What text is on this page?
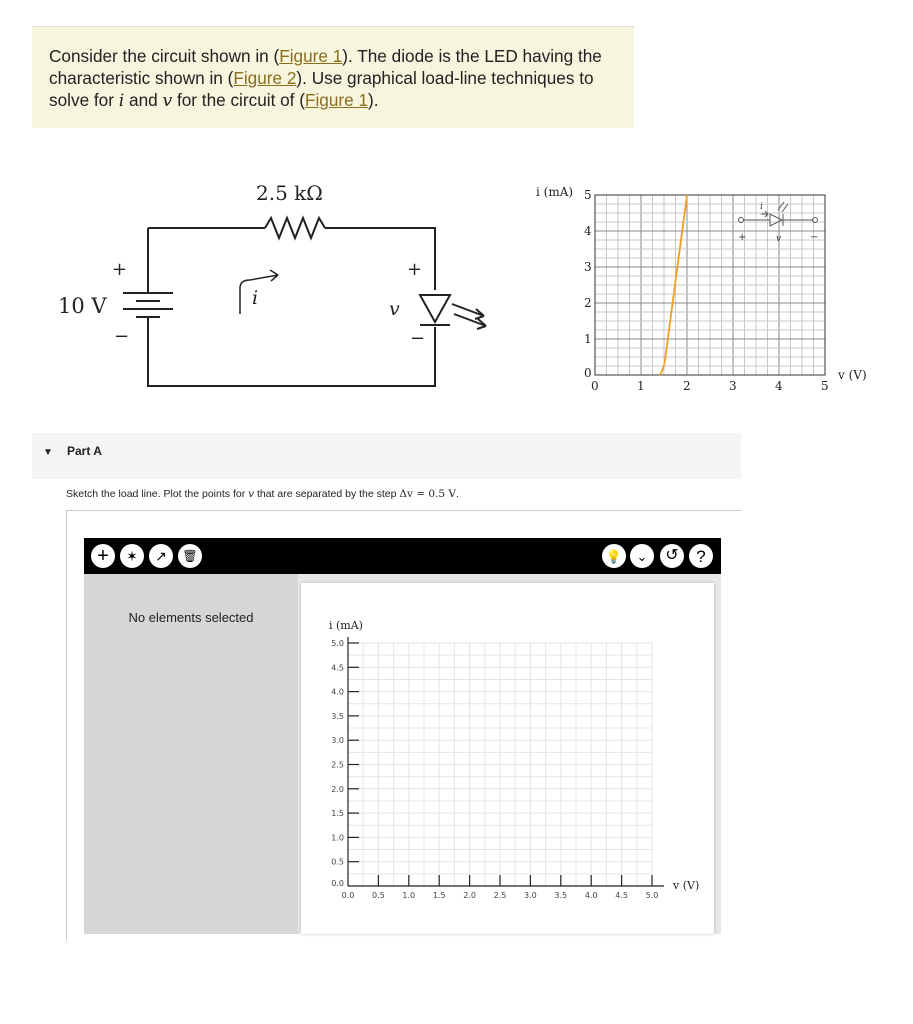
Consider the circuit shown in (Figure 1). The diode is the LED having the characteristic shown in (Figure 2). Use graphical load-line techniques to solve for i and v for the circuit of (Figure 1).

2.5 kΩ
10 V
+
−
i
+
v
−
0	1	2	3	4	5
1
2
3
4
5
0
i (mA)
v (V)
i
+	v	−
▼ Part A
Sketch the load line. Plot the points for v that are separated by the step Δv = 0.5 V.
+	✶	↗	🗑	💡	⌄	↺	?
No elements selected
0.0 0.5 1.0 1.5 2.0 2.5 3.0 3.5 4.0 4.5 5.0
0.0
0.5
1.0
1.5
2.0
2.5
3.0
3.5
4.0
4.5
5.0
i (mA)
v (V)
